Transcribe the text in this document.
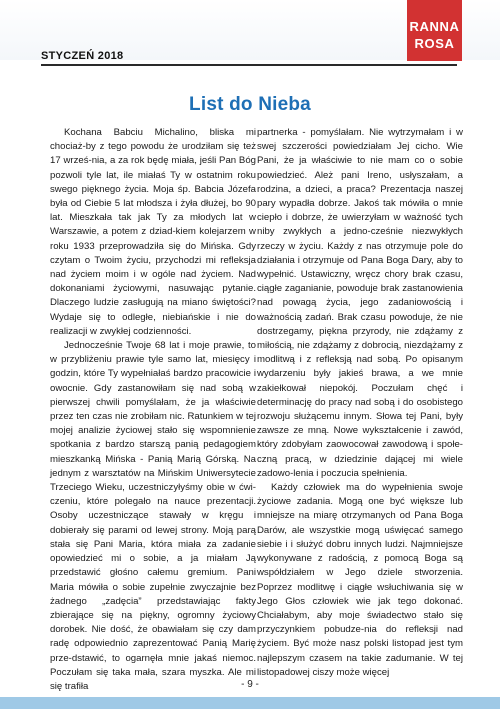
STYCZEŃ 2018
RANNA
ROSA
List do Nieba

Kochana Babciu Michalino, bliska mi chociaż-by z tego powodu że urodziłam się też 17 wrześ-nia, a za rok będę miała, jeśli Pan Bóg pozwoli tyle lat, ile miałaś Ty w ostatnim roku swego pięknego życia. Moja śp. Babcia Józefa była od Ciebie 5 lat młodsza i żyła dłużej, bo 90 lat. Mieszkała tak jak Ty za młodych lat w Warszawie, a potem z dziad-kiem kolejarzem w roku 1933 przeprowadziła się do Mińska. Gdy czytam o Twoim życiu, przychodzi mi refleksja nad życiem moim i w ogóle nad życiem. Nad dokonaniami życiowymi, nasuwając pytanie. Dlaczego ludzie zasługują na miano świętości? Wydaje się to odległe, niebiańskie i nie do realizacji w zwykłej codzienności.

Jednocześnie Twoje 68 lat i moje prawie, to w przybliżeniu prawie tyle samo lat, miesięcy i godzin, które Ty wypełniałaś bardzo pracowicie i owocnie. Gdy zastanowiłam się nad sobą w pierwszej chwili pomyślałam, że ja właściwie przez ten czas nie zrobiłam nic. Ratunkiem w tej mojej analizie życiowej stało się wspomnienie spotkania z bardzo starszą panią pedagogiem mieszkanką Mińska - Panią Marią Górską. Na jednym z warsztatów na Mińskim Uniwersytecie Trzeciego Wieku, uczestniczyłyśmy obie w ćwi-czeniu, które polegało na nauce prezentacji. Osoby uczestniczące stawały w kręgu i dobierały się parami od lewej strony. Moją parą stała się Pani Maria, która miała za zadanie opowiedzieć mi o sobie, a ja miałam Ją przedstawić głośno całemu gremium. Pani Maria mówiła o sobie zupełnie zwyczajnie bez żadnego „zadęcia” przedstawiając fakty zbierające się na piękny, ogromny życiowy dorobek. Nie dość, że obawiałam się czy dam radę odpowiednio zaprezentować Panią Marię prze-dstawić, to ogarnęła mnie jakaś niemoc. Poczułam się taka mała, szara myszka. Ale mi się trafiła

partnerka - pomyślałam. Nie wytrzymałam i w swej szczerości powiedziałam Jej cicho. Wie Pani, że ja właściwie to nie mam co o sobie powiedzieć. Ależ pani Ireno, usłyszałam, a rodzina, a dzieci, a praca? Prezentacja naszej pary wypadła dobrze. Jakoś tak mówiła o mnie ciepło i dobrze, że uwierzyłam w ważność tych niby zwykłych a jedno-cześnie niezwykłych rzeczy w życiu. Każdy z nas otrzymuje pole do działania i otrzymuje od Pana Boga Dary, aby to wypełnić. Ustawiczny, wręcz chory brak czasu, ciągłe zaganianie, powoduje brak zastanowienia nad powagą życia, jego zadaniowością i ważnością zadań. Brak czasu powoduje, że nie dostrzegamy, piękna przyrody, nie zdążamy z miłością, nie zdążamy z dobrocią, niezdążamy z modlitwą i z refleksją nad sobą. Po opisanym wydarzeniu były jakieś brawa, a we mnie zakiełkował niepokój. Poczułam chęć i determinację do pracy nad sobą i do osobistego rozwoju służącemu innym. Słowa tej Pani, były zawsze ze mną. Nowe wykształcenie i zawód, który zdobyłam zaowocował zawodową i społe-czną pracą, w dziedzinie dającej mi wiele zadowo-lenia i poczucia spełnienia.

Każdy człowiek ma do wypełnienia swoje życiowe zadania. Mogą one być większe lub mniejsze na miarę otrzymanych od Pana Boga Darów, ale wszystkie mogą uświęcać samego siebie i i służyć dobru innych ludzi. Najmniejsze wykonywane z radością, z pomocą Boga są współdziałem w Jego dziele stworzenia. Poprzez modlitwę i ciągłe wsłuchiwania się w Jego Głos człowiek wie jak tego dokonać. Chciałabym, aby moje świadectwo stało się przyczynkiem pobudze-nia do refleksji nad życiem. Być może nasz polski listopad jest tym najlepszym czasem na takie zadumanie. W tej listopadowej ciszy może więcej

- 9 -
